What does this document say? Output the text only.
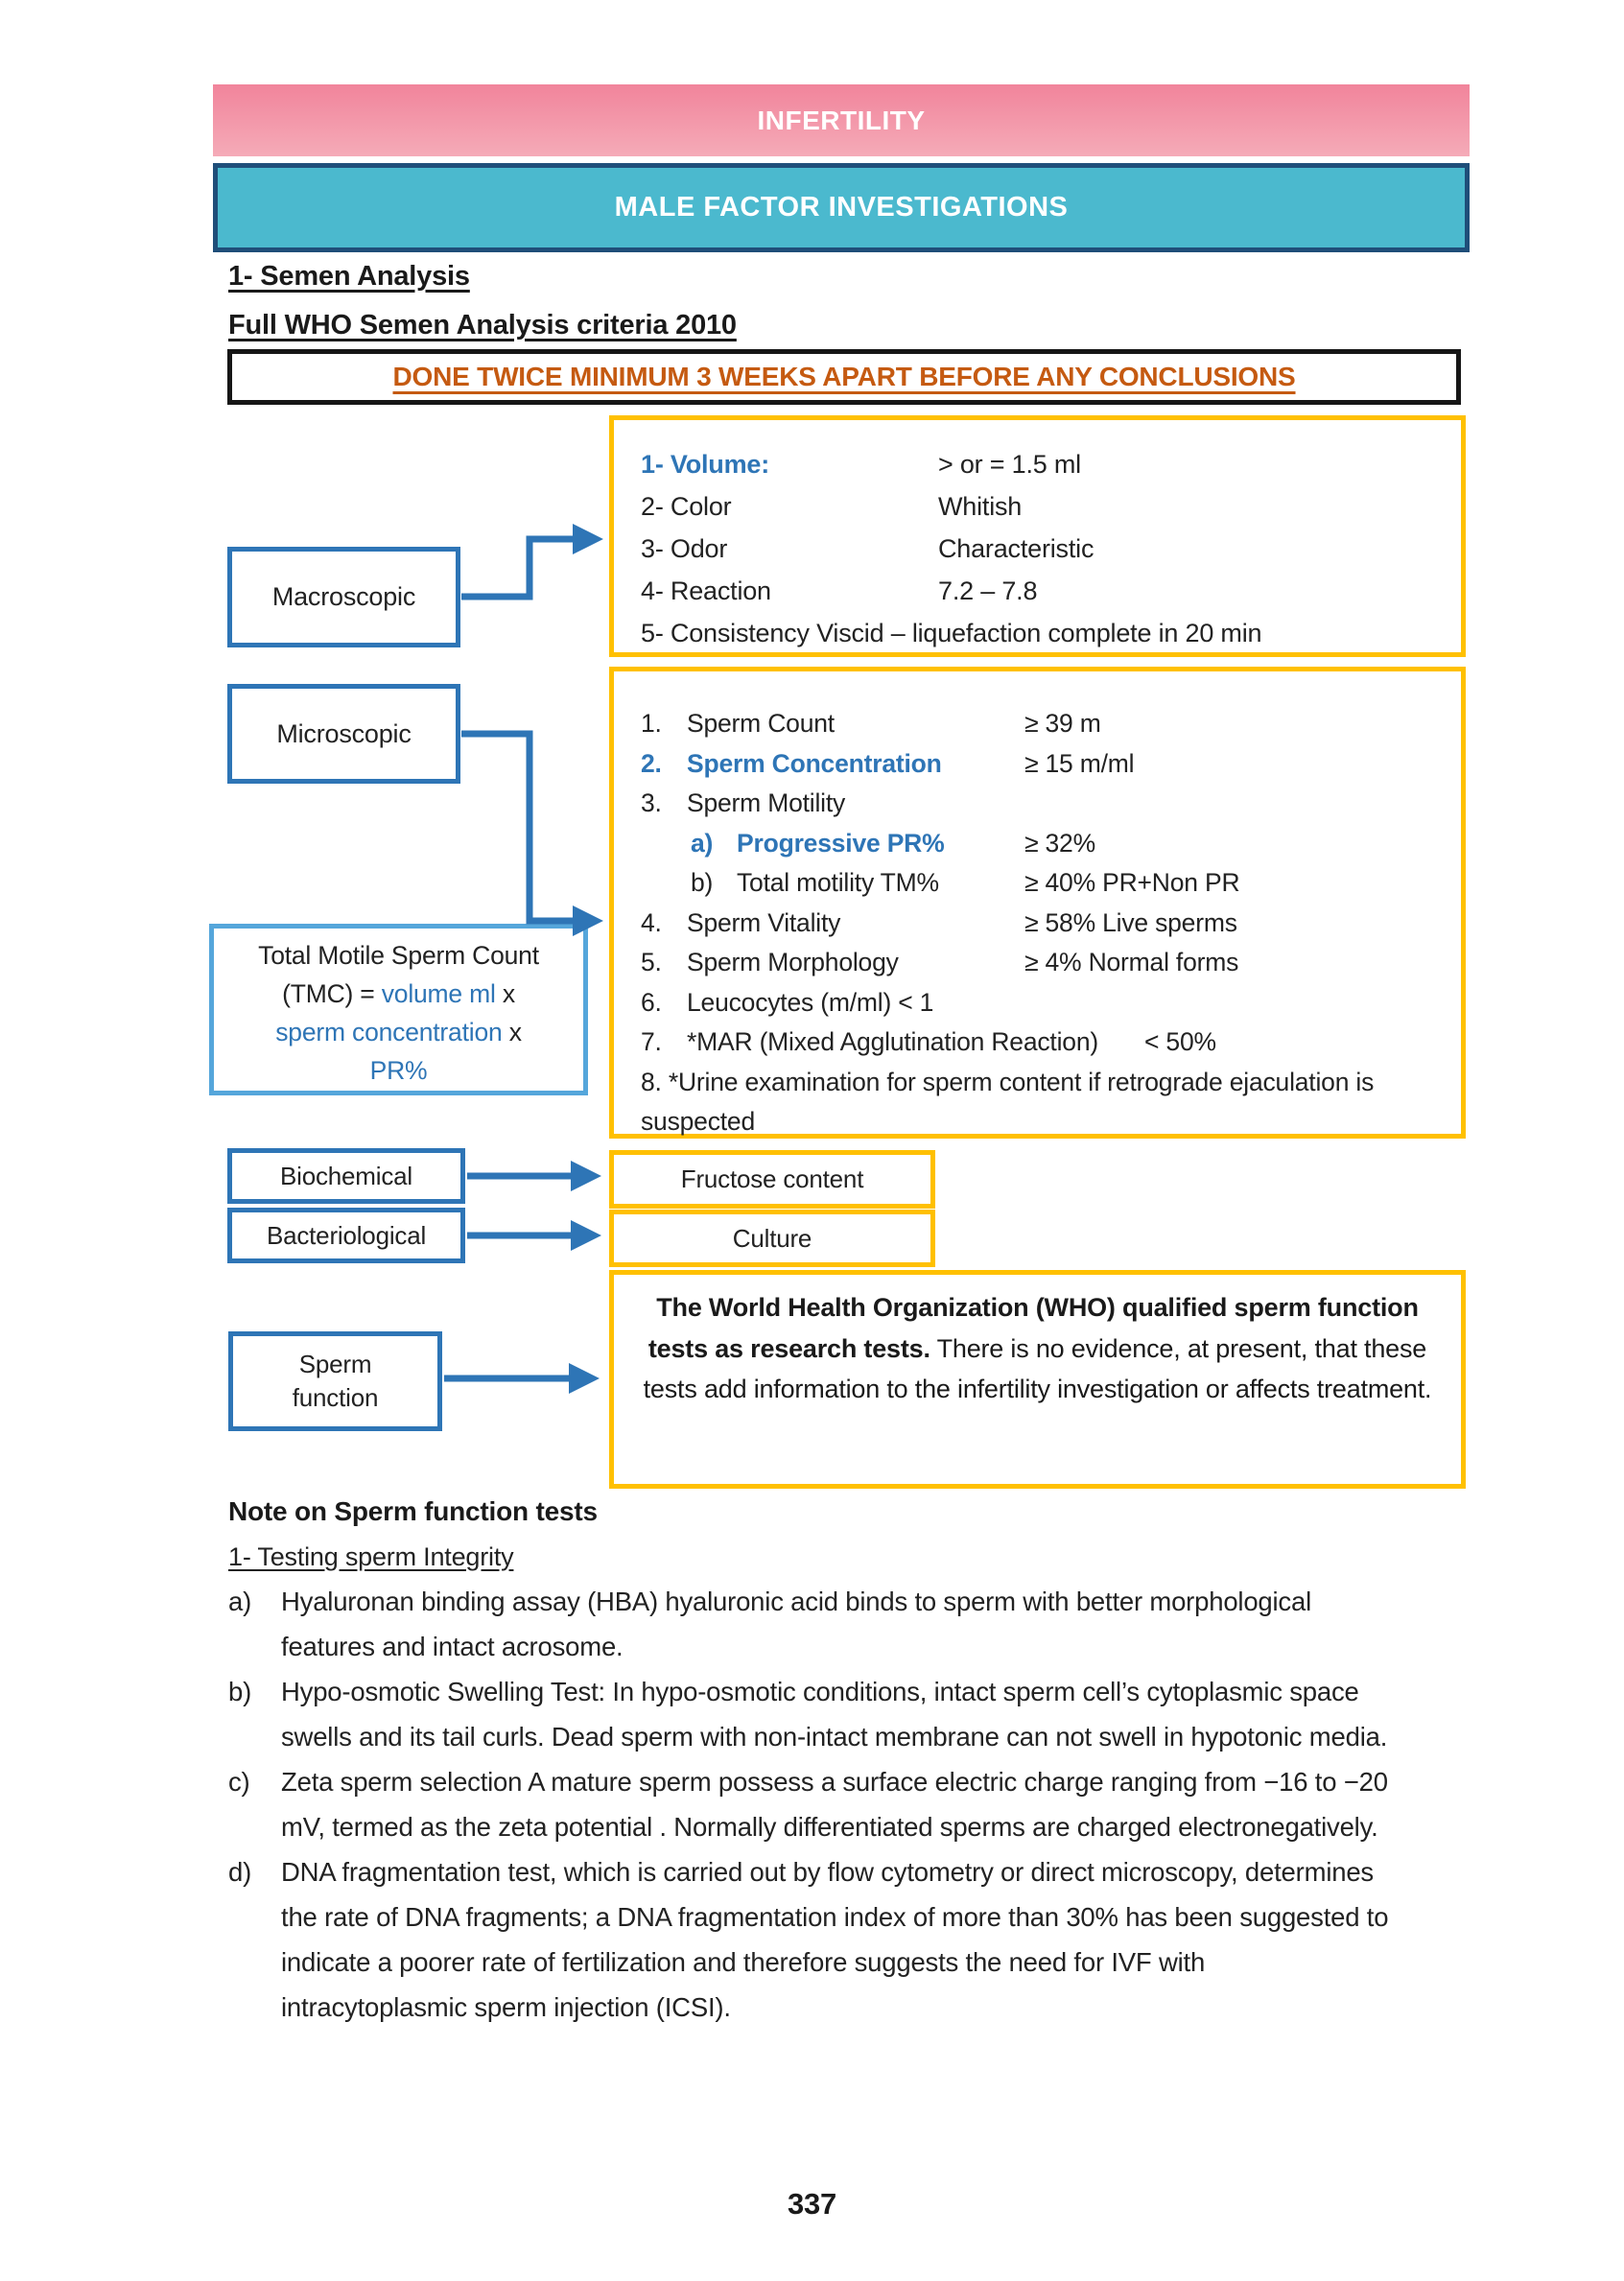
INFERTILITY
MALE FACTOR INVESTIGATIONS
1- Semen Analysis
Full WHO Semen Analysis criteria 2010
DONE TWICE MINIMUM 3 WEEKS APART BEFORE ANY CONCLUSIONS
1- Volume:	> or = 1.5 ml
2- Color	Whitish
3- Odor	Characteristic
4- Reaction	7.2 – 7.8
5- Consistency Viscid – liquefaction complete in 20 min
1. Sperm Count	≥ 39 m
2. Sperm Concentration	≥ 15 m/ml
3. Sperm Motility
a) Progressive PR%	≥ 32%
b) Total motility TM%	≥ 40% PR+Non PR
4. Sperm Vitality	≥ 58% Live sperms
5. Sperm Morphology	≥ 4% Normal forms
6. Leucocytes (m/ml) < 1
7. *MAR (Mixed Agglutination Reaction) < 50%
8. *Urine examination for sperm content if retrograde ejaculation is suspected
Macroscopic
Microscopic
Total Motile Sperm Count
(TMC) = volume ml x
sperm concentration x
PR%
Biochemical	Fructose content
Bacteriological	Culture
Sperm function
The World Health Organization (WHO) qualified sperm function tests as research tests. There is no evidence, at present, that these tests add information to the infertility investigation or affects treatment.
Note on Sperm function tests
1- Testing sperm Integrity
a)	Hyaluronan binding assay (HBA) hyaluronic acid binds to sperm with better morphological features and intact acrosome.
b)	Hypo-osmotic Swelling Test: In hypo-osmotic conditions, intact sperm cell’s cytoplasmic space swells and its tail curls. Dead sperm with non-intact membrane can not swell in hypotonic media.
c)	Zeta sperm selection A mature sperm possess a surface electric charge ranging from −16 to −20 mV, termed as the zeta potential . Normally differentiated sperms are charged electronegatively.
d)	DNA fragmentation test, which is carried out by flow cytometry or direct microscopy, determines the rate of DNA fragments; a DNA fragmentation index of more than 30% has been suggested to indicate a poorer rate of fertilization and therefore suggests the need for IVF with intracytoplasmic sperm injection (ICSI).
337
